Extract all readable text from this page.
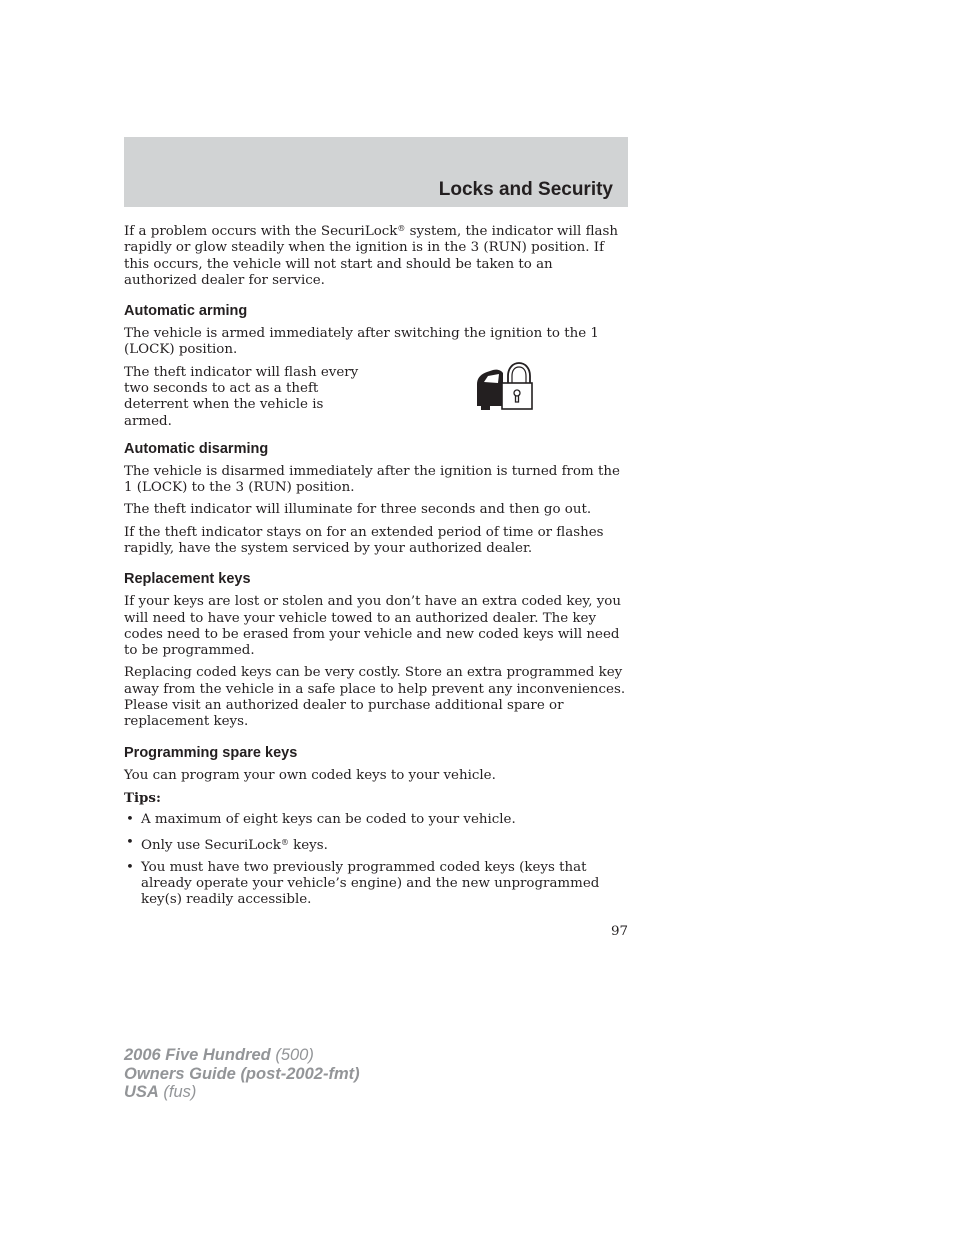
Locks and Security

If a problem occurs with the SecuriLock® system, the indicator will flash rapidly or glow steadily when the ignition is in the 3 (RUN) position. If this occurs, the vehicle will not start and should be taken to an authorized dealer for service.

Automatic arming

The vehicle is armed immediately after switching the ignition to the 1 (LOCK) position.

The theft indicator will flash every two seconds to act as a theft deterrent when the vehicle is armed.

Automatic disarming

The vehicle is disarmed immediately after the ignition is turned from the 1 (LOCK) to the 3 (RUN) position.

The theft indicator will illuminate for three seconds and then go out.

If the theft indicator stays on for an extended period of time or flashes rapidly, have the system serviced by your authorized dealer.

Replacement keys

If your keys are lost or stolen and you don’t have an extra coded key, you will need to have your vehicle towed to an authorized dealer. The key codes need to be erased from your vehicle and new coded keys will need to be programmed.

Replacing coded keys can be very costly. Store an extra programmed key away from the vehicle in a safe place to help prevent any inconveniences. Please visit an authorized dealer to purchase additional spare or replacement keys.

Programming spare keys

You can program your own coded keys to your vehicle.

Tips:

• A maximum of eight keys can be coded to your vehicle.
• Only use SecuriLock® keys.
• You must have two previously programmed coded keys (keys that already operate your vehicle’s engine) and the new unprogrammed key(s) readily accessible.

97

2006 Five Hundred (500)
Owners Guide (post-2002-fmt)
USA (fus)
